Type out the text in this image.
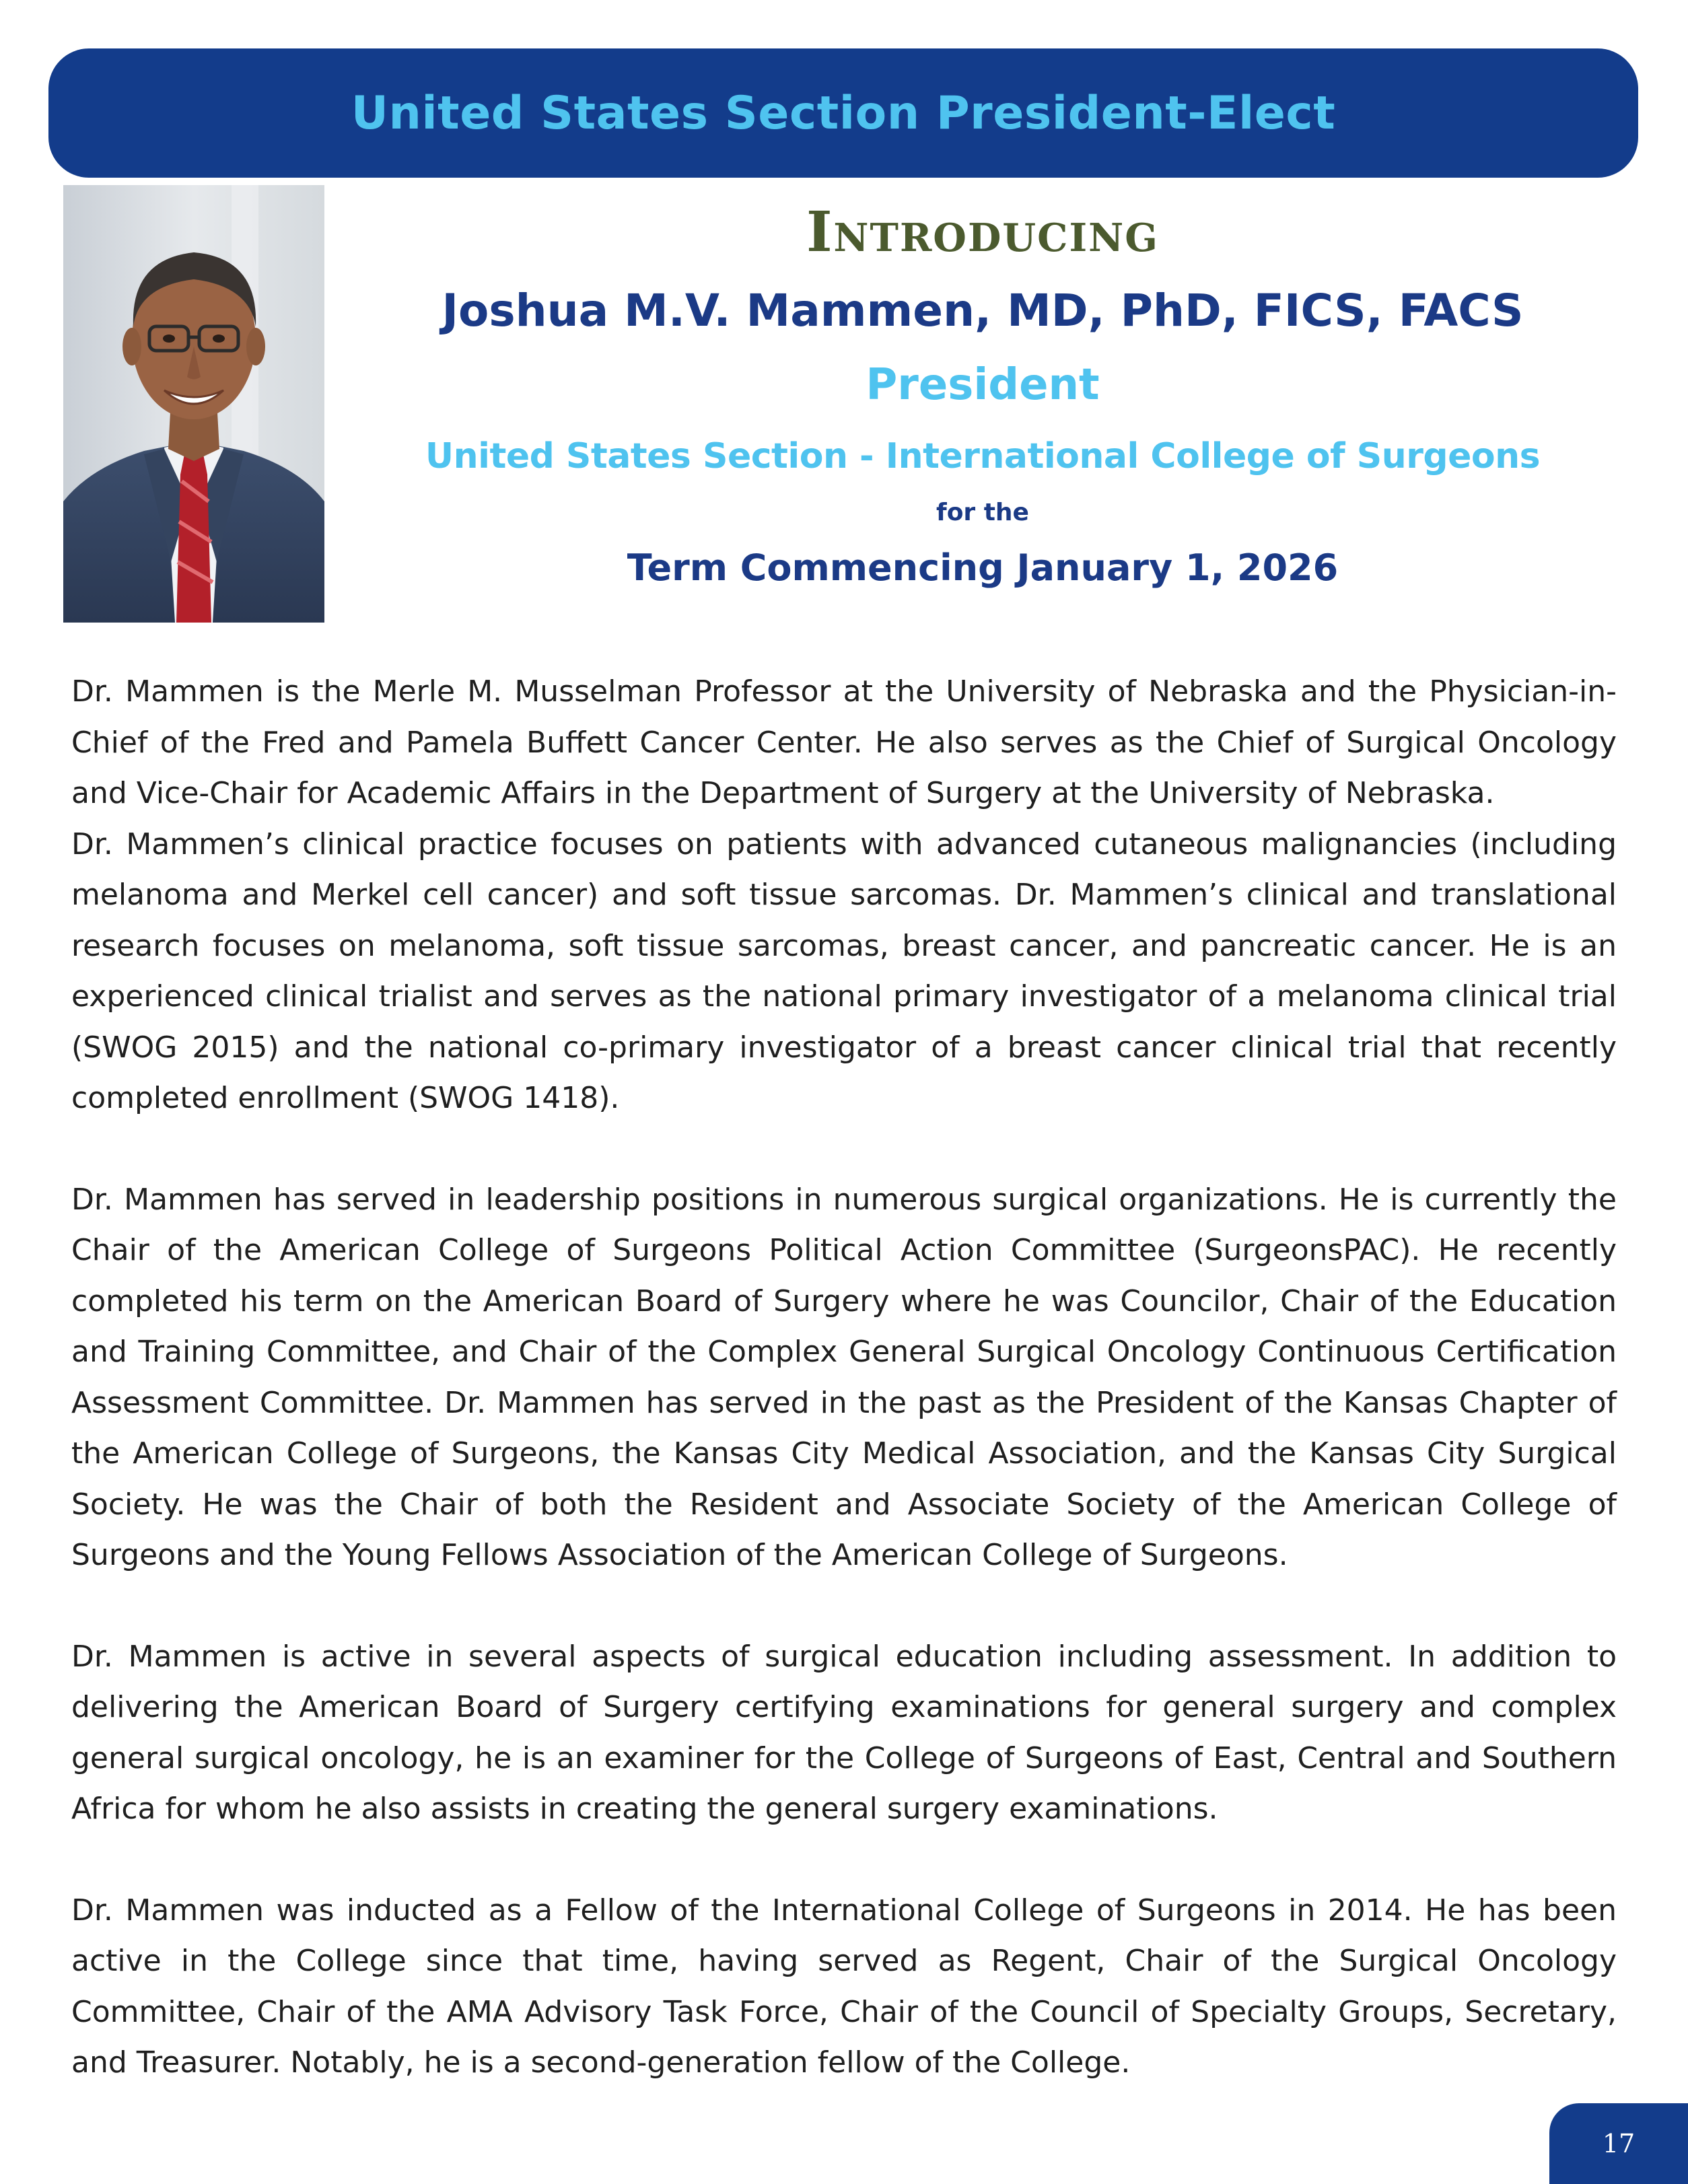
United States Section President-Elect
Introducing
Joshua M.V. Mammen, MD, PhD, FICS, FACS
President
United States Section - International College of Surgeons
for the
Term Commencing January 1, 2026

Dr. Mammen is the Merle M. Musselman Professor at the University of Nebraska and the Physician-in-Chief of the Fred and Pamela Buffett Cancer Center. He also serves as the Chief of Surgical Oncology and Vice-Chair for Academic Affairs in the Department of Surgery at the University of Nebraska.

Dr. Mammen’s clinical practice focuses on patients with advanced cutaneous malignancies (including melanoma and Merkel cell cancer) and soft tissue sarcomas. Dr. Mammen’s clinical and translational research focuses on melanoma, soft tissue sarcomas, breast cancer, and pancreatic cancer. He is an experienced clinical trialist and serves as the national primary investigator of a melanoma clinical trial (SWOG 2015) and the national co-primary investigator of a breast cancer clinical trial that recently completed enrollment (SWOG 1418).

Dr. Mammen has served in leadership positions in numerous surgical organizations. He is currently the Chair of the American College of Surgeons Political Action Committee (SurgeonsPAC). He recently completed his term on the American Board of Surgery where he was Councilor, Chair of the Education and Training Committee, and Chair of the Complex General Surgical Oncology Continuous Certification Assessment Committee. Dr. Mammen has served in the past as the President of the Kansas Chapter of the American College of Surgeons, the Kansas City Medical Association, and the Kansas City Surgical Society. He was the Chair of both the Resident and Associate Society of the American College of Surgeons and the Young Fellows Association of the American College of Surgeons.

Dr. Mammen is active in several aspects of surgical education including assessment. In addition to delivering the American Board of Surgery certifying examinations for general surgery and complex general surgical oncology, he is an examiner for the College of Surgeons of East, Central and Southern Africa for whom he also assists in creating the general surgery examinations.

Dr. Mammen was inducted as a Fellow of the International College of Surgeons in 2014. He has been active in the College since that time, having served as Regent, Chair of the Surgical Oncology Committee, Chair of the AMA Advisory Task Force, Chair of the Council of Specialty Groups, Secretary, and Treasurer. Notably, he is a second-generation fellow of the College.

17
